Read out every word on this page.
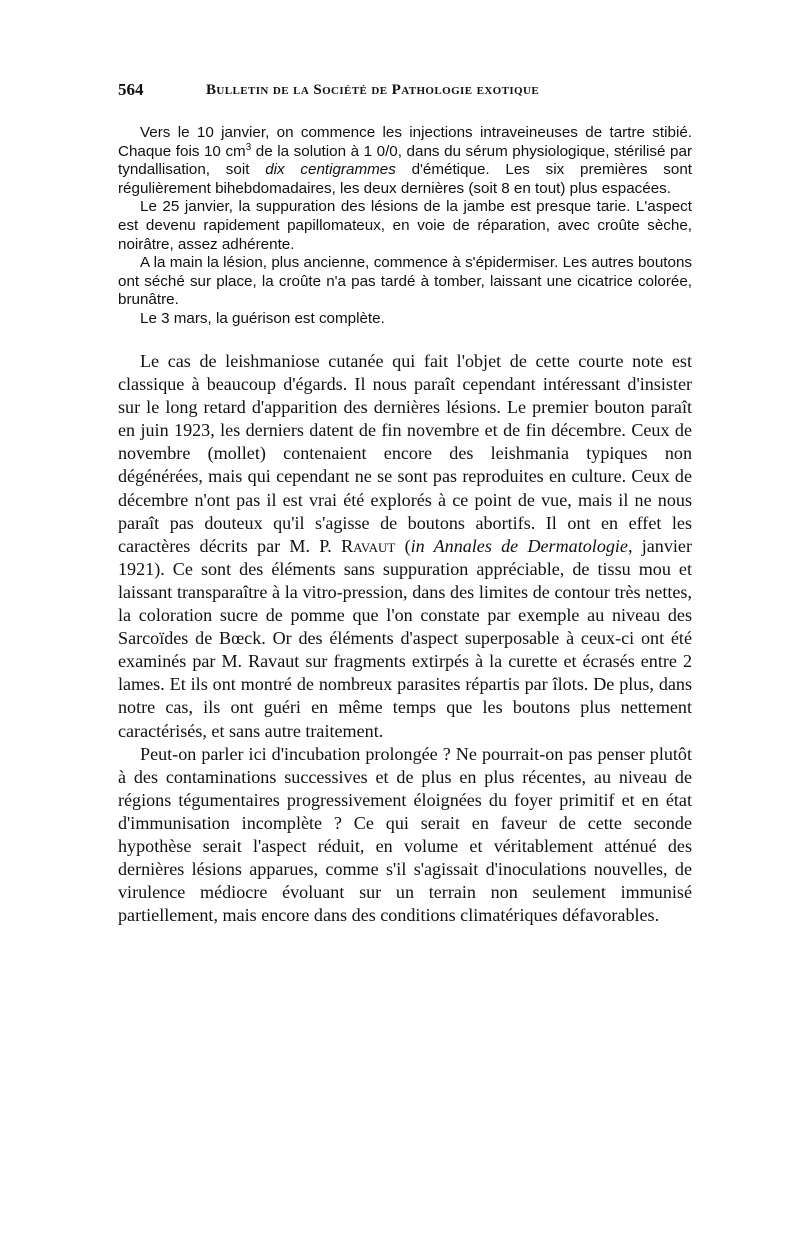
564	Bulletin de la Société de Pathologie exotique

Vers le 10 janvier, on commence les injections intraveineuses de tartre stibié. Chaque fois 10 $cm^3$ de la solution à 1 0/0, dans du sérum physiologique, stérilisé par tyndallisation, soit dix centigrammes d'émétique. Les six premières sont régulièrement bihebdomadaires, les deux dernières (soit 8 en tout) plus espacées.

Le 25 janvier, la suppuration des lésions de la jambe est presque tarie. L'aspect est devenu rapidement papillomateux, en voie de réparation, avec croûte sèche, noirâtre, assez adhérente.

A la main la lésion, plus ancienne, commence à s'épidermiser. Les autres boutons ont séché sur place, la croûte n'a pas tardé à tomber, laissant une cicatrice colorée, brunâtre.

Le 3 mars, la guérison est complète.

Le cas de leishmaniose cutanée qui fait l'objet de cette courte note est classique à beaucoup d'égards. Il nous paraît cependant intéressant d'insister sur le long retard d'apparition des dernières lésions. Le premier bouton paraît en juin 1923, les derniers datent de fin novembre et de fin décembre. Ceux de novembre (mollet) contenaient encore des leishmania typiques non dégénérées, mais qui cependant ne se sont pas reproduites en culture. Ceux de décembre n'ont pas il est vrai été explorés à ce point de vue, mais il ne nous paraît pas douteux qu'il s'agisse de boutons abortifs. Il ont en effet les caractères décrits par M. P. Ravaut (in Annales de Dermatologie, janvier 1921). Ce sont des éléments sans suppuration appréciable, de tissu mou et laissant transparaître à la vitro-pression, dans des limites de contour très nettes, la coloration sucre de pomme que l'on constate par exemple au niveau des Sarcoïdes de Bœck. Or des éléments d'aspect superposable à ceux-ci ont été examinés par M. Ravaut sur fragments extirpés à la curette et écrasés entre 2 lames. Et ils ont montré de nombreux parasites répartis par îlots. De plus, dans notre cas, ils ont guéri en même temps que les boutons plus nettement caractérisés, et sans autre traitement.

Peut-on parler ici d'incubation prolongée ? Ne pourrait-on pas penser plutôt à des contaminations successives et de plus en plus récentes, au niveau de régions tégumentaires progressivement éloignées du foyer primitif et en état d'immunisation incomplète ? Ce qui serait en faveur de cette seconde hypothèse serait l'aspect réduit, en volume et véritablement atténué des dernières lésions apparues, comme s'il s'agissait d'inoculations nouvelles, de virulence médiocre évoluant sur un terrain non seulement immunisé partiellement, mais encore dans des conditions climatériques défavorables.
